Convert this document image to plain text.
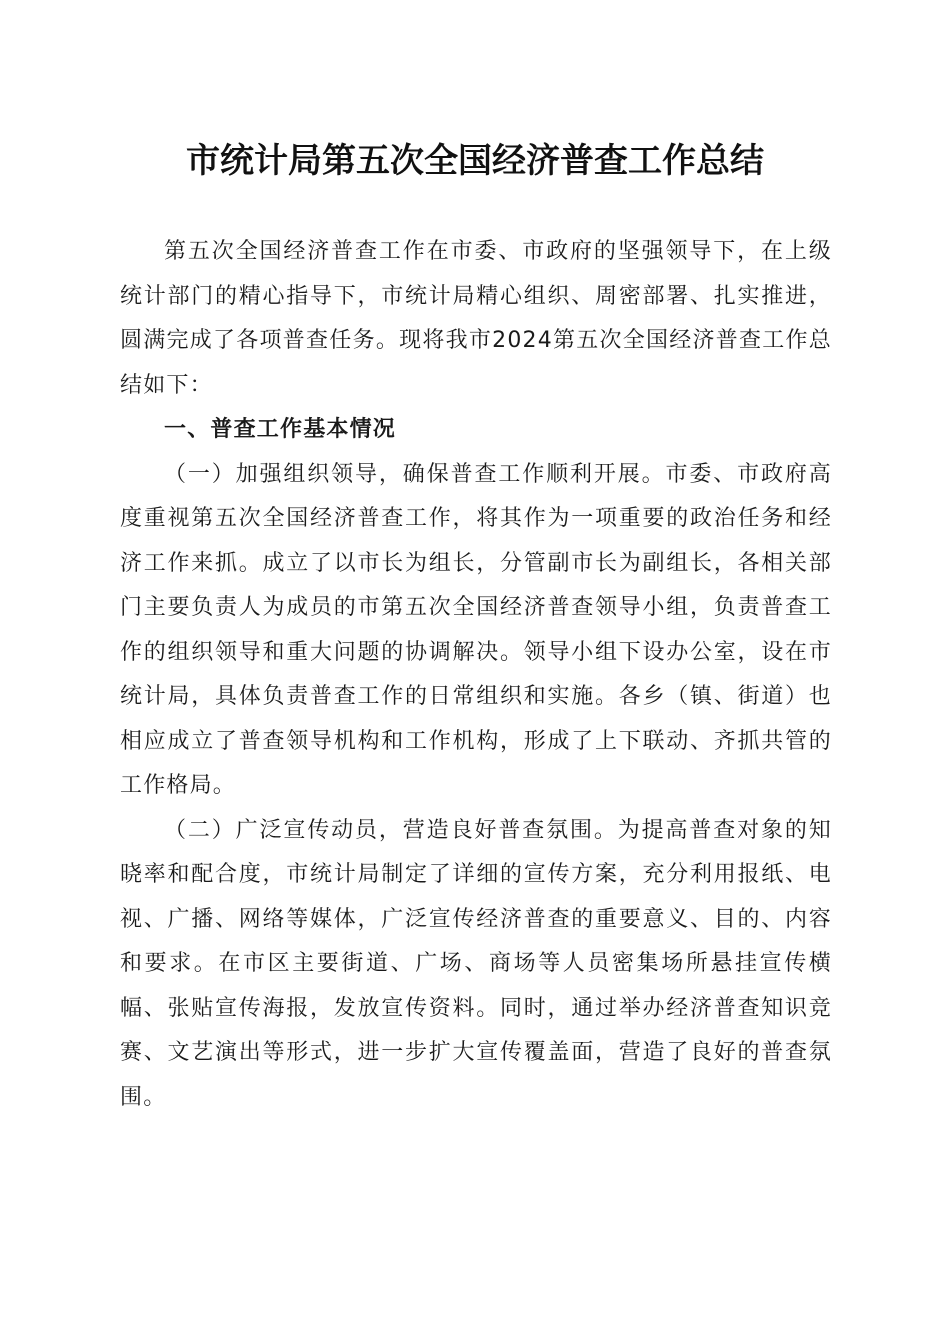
市统计局第五次全国经济普查工作总结

第五次全国经济普查工作在市委、市政府的坚强领导下，在上级统计部门的精心指导下，市统计局精心组织、周密部署、扎实推进，圆满完成了各项普查任务。现将我市2024第五次全国经济普查工作总结如下：

一、普查工作基本情况

（一）加强组织领导，确保普查工作顺利开展。市委、市政府高度重视第五次全国经济普查工作，将其作为一项重要的政治任务和经济工作来抓。成立了以市长为组长，分管副市长为副组长，各相关部门主要负责人为成员的市第五次全国经济普查领导小组，负责普查工作的组织领导和重大问题的协调解决。领导小组下设办公室，设在市统计局，具体负责普查工作的日常组织和实施。各乡（镇、街道）也相应成立了普查领导机构和工作机构，形成了上下联动、齐抓共管的工作格局。

（二）广泛宣传动员，营造良好普查氛围。为提高普查对象的知晓率和配合度，市统计局制定了详细的宣传方案，充分利用报纸、电视、广播、网络等媒体，广泛宣传经济普查的重要意义、目的、内容和要求。在市区主要街道、广场、商场等人员密集场所悬挂宣传横幅、张贴宣传海报，发放宣传资料。同时，通过举办经济普查知识竞赛、文艺演出等形式，进一步扩大宣传覆盖面，营造了良好的普查氛围。
